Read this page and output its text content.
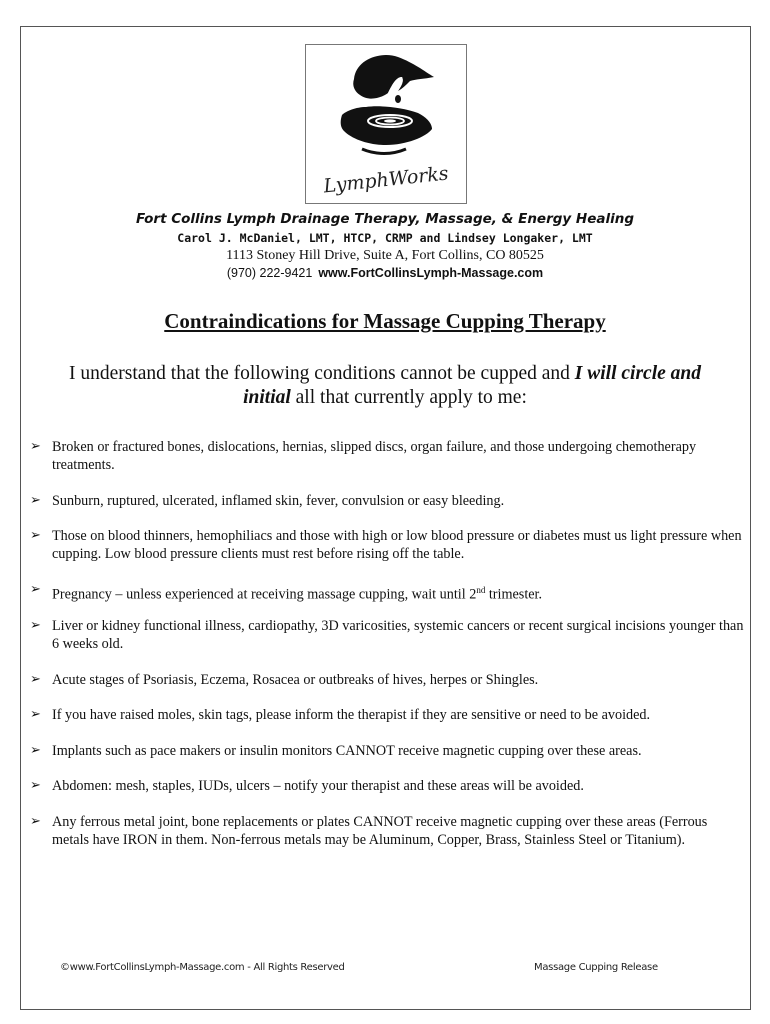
LymphWorks
Fort Collins Lymph Drainage Therapy, Massage, & Energy Healing
Carol J. McDaniel, LMT, HTCP, CRMP and Lindsey Longaker, LMT
1113 Stoney Hill Drive, Suite A, Fort Collins, CO 80525
(970) 222-9421 www.FortCollinsLymph-Massage.com
Contraindications for Massage Cupping Therapy
I understand that the following conditions cannot be cupped and I will circle and
initial all that currently apply to me:
➢ Broken or fractured bones, dislocations, hernias, slipped discs, organ failure, and those undergoing chemotherapy treatments.
➢ Sunburn, ruptured, ulcerated, inflamed skin, fever, convulsion or easy bleeding.
➢ Those on blood thinners, hemophiliacs and those with high or low blood pressure or diabetes must us light pressure when cupping. Low blood pressure clients must rest before rising off the table.
➢ Pregnancy – unless experienced at receiving massage cupping, wait until 2nd trimester.
➢ Liver or kidney functional illness, cardiopathy, 3D varicosities, systemic cancers or recent surgical incisions younger than 6 weeks old.
➢ Acute stages of Psoriasis, Eczema, Rosacea or outbreaks of hives, herpes or Shingles.
➢ If you have raised moles, skin tags, please inform the therapist if they are sensitive or need to be avoided.
➢ Implants such as pace makers or insulin monitors CANNOT receive magnetic cupping over these areas.
➢ Abdomen: mesh, staples, IUDs, ulcers – notify your therapist and these areas will be avoided.
➢ Any ferrous metal joint, bone replacements or plates CANNOT receive magnetic cupping over these areas (Ferrous metals have IRON in them. Non-ferrous metals may be Aluminum, Copper, Brass, Stainless Steel or Titanium).
©www.FortCollinsLymph-Massage.com - All Rights Reserved	Massage Cupping Release
